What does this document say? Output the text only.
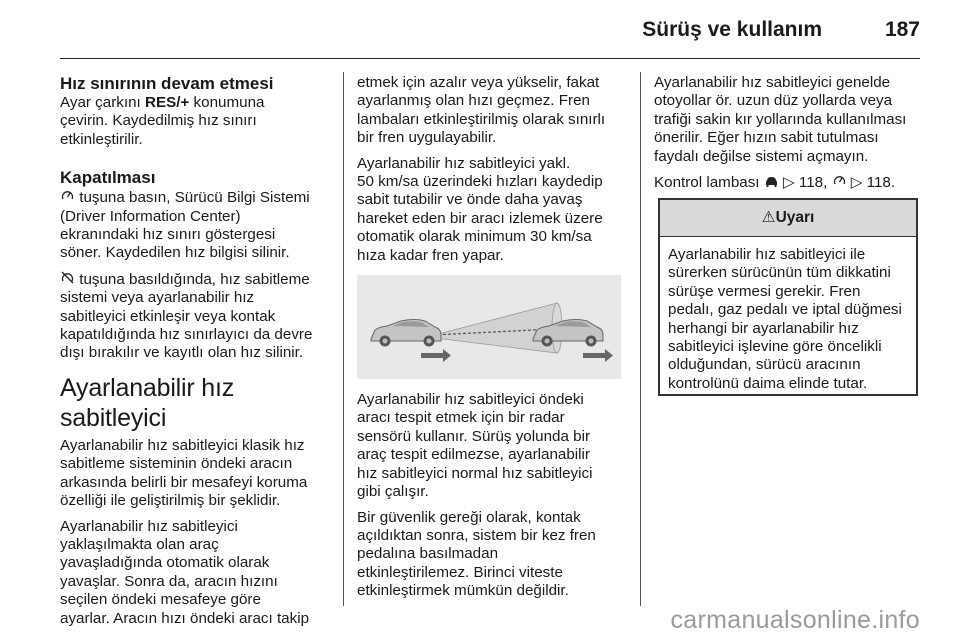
Sürüş ve kullanım	187

Hız sınırının devam etmesi

Ayar çarkını RES/+ konumuna
çevirin. Kaydedilmiş hız sınırı
etkinleştirilir.

Kapatılması

tuşuna basın, Sürücü Bilgi Sistemi
(Driver Information Center)
ekranındaki hız sınırı göstergesi
söner. Kaydedilen hız bilgisi silinir.
tuşuna basıldığında, hız sabitleme
sistemi veya ayarlanabilir hız
sabitleyici etkinleşir veya kontak
kapatıldığında hız sınırlayıcı da devre
dışı bırakılır ve kayıtlı olan hız silinir.

Ayarlanabilir hız sabitleyici

Ayarlanabilir hız sabitleyici klasik hız
sabitleme sisteminin öndeki aracın
arkasında belirli bir mesafeyi koruma
özelliği ile geliştirilmiş bir şeklidir.
Ayarlanabilir hız sabitleyici
yaklaşılmakta olan araç
yavaşladığında otomatik olarak
yavaşlar. Sonra da, aracın hızını
seçilen öndeki mesafeye göre
ayarlar. Aracın hızı öndeki aracı takip
etmek için azalır veya yükselir, fakat
ayarlanmış olan hızı geçmez. Fren
lambaları etkinleştirilmiş olarak sınırlı
bir fren uygulayabilir.
Ayarlanabilir hız sabitleyici yakl.
50 km/sa üzerindeki hızları kaydedip
sabit tutabilir ve önde daha yavaş
hareket eden bir aracı izlemek üzere
otomatik olarak minimum 30 km/sa
hıza kadar fren yapar.
Ayarlanabilir hız sabitleyici öndeki
aracı tespit etmek için bir radar
sensörü kullanır. Sürüş yolunda bir
araç tespit edilmezse, ayarlanabilir
hız sabitleyici normal hız sabitleyici
gibi çalışır.
Bir güvenlik gereği olarak, kontak
açıldıktan sonra, sistem bir kez fren
pedalına basılmadan
etkinleştirilemez. Birinci viteste
etkinleştirmek mümkün değildir.
Ayarlanabilir hız sabitleyici genelde
otoyollar ör. uzun düz yollarda veya
trafiği sakin kır yollarında kullanılması
önerilir. Eğer hızın sabit tutulması
faydalı değilse sistemi açmayın.
Kontrol lambası  ▷ 118,  ▷ 118.
⚠Uyarı
Ayarlanabilir hız sabitleyici ile
sürerken sürücünün tüm dikkatini
sürüşe vermesi gerekir. Fren
pedalı, gaz pedalı ve iptal düğmesi
herhangi bir ayarlanabilir hız
sabitleyici işlevine göre öncelikli
olduğundan, sürücü aracının
kontrolünü daima elinde tutar.
carmanualsonline.info
